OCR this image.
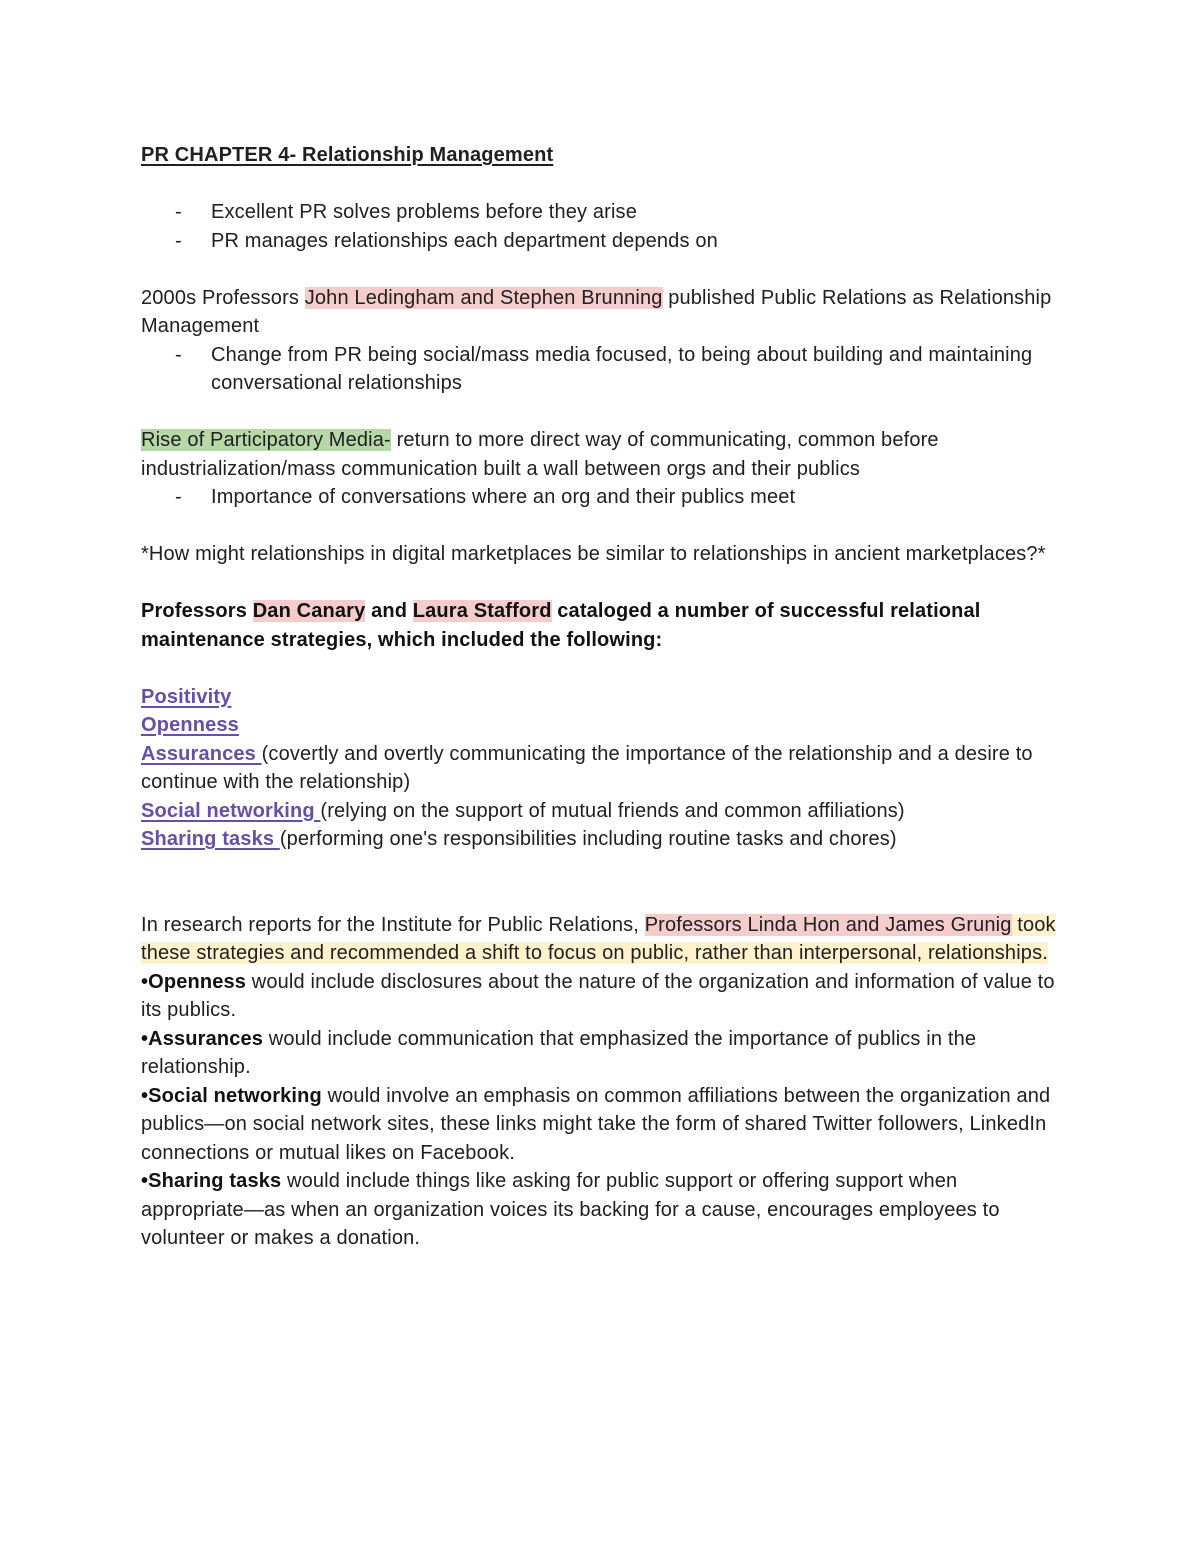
PR CHAPTER 4- Relationship Management

- Excellent PR solves problems before they arise
- PR manages relationships each department depends on

2000s Professors John Ledingham and Stephen Brunning published Public Relations as Relationship Management

- Change from PR being social/mass media focused, to being about building and maintaining conversational relationships

Rise of Participatory Media- return to more direct way of communicating, common before industrialization/mass communication built a wall between orgs and their publics

- Importance of conversations where an org and their publics meet

*How might relationships in digital marketplaces be similar to relationships in ancient marketplaces?*

Professors Dan Canary and Laura Stafford cataloged a number of successful relational maintenance strategies, which included the following:

Positivity

Openness

Assurances (covertly and overtly communicating the importance of the relationship and a desire to continue with the relationship)

Social networking (relying on the support of mutual friends and common affiliations)

Sharing tasks (performing one's responsibilities including routine tasks and chores)

In research reports for the Institute for Public Relations, Professors Linda Hon and James Grunig took these strategies and recommended a shift to focus on public, rather than interpersonal, relationships.

•Openness would include disclosures about the nature of the organization and information of value to its publics.

•Assurances would include communication that emphasized the importance of publics in the relationship.

•Social networking would involve an emphasis on common affiliations between the organization and publics—on social network sites, these links might take the form of shared Twitter followers, LinkedIn connections or mutual likes on Facebook.

•Sharing tasks would include things like asking for public support or offering support when appropriate—as when an organization voices its backing for a cause, encourages employees to volunteer or makes a donation.
